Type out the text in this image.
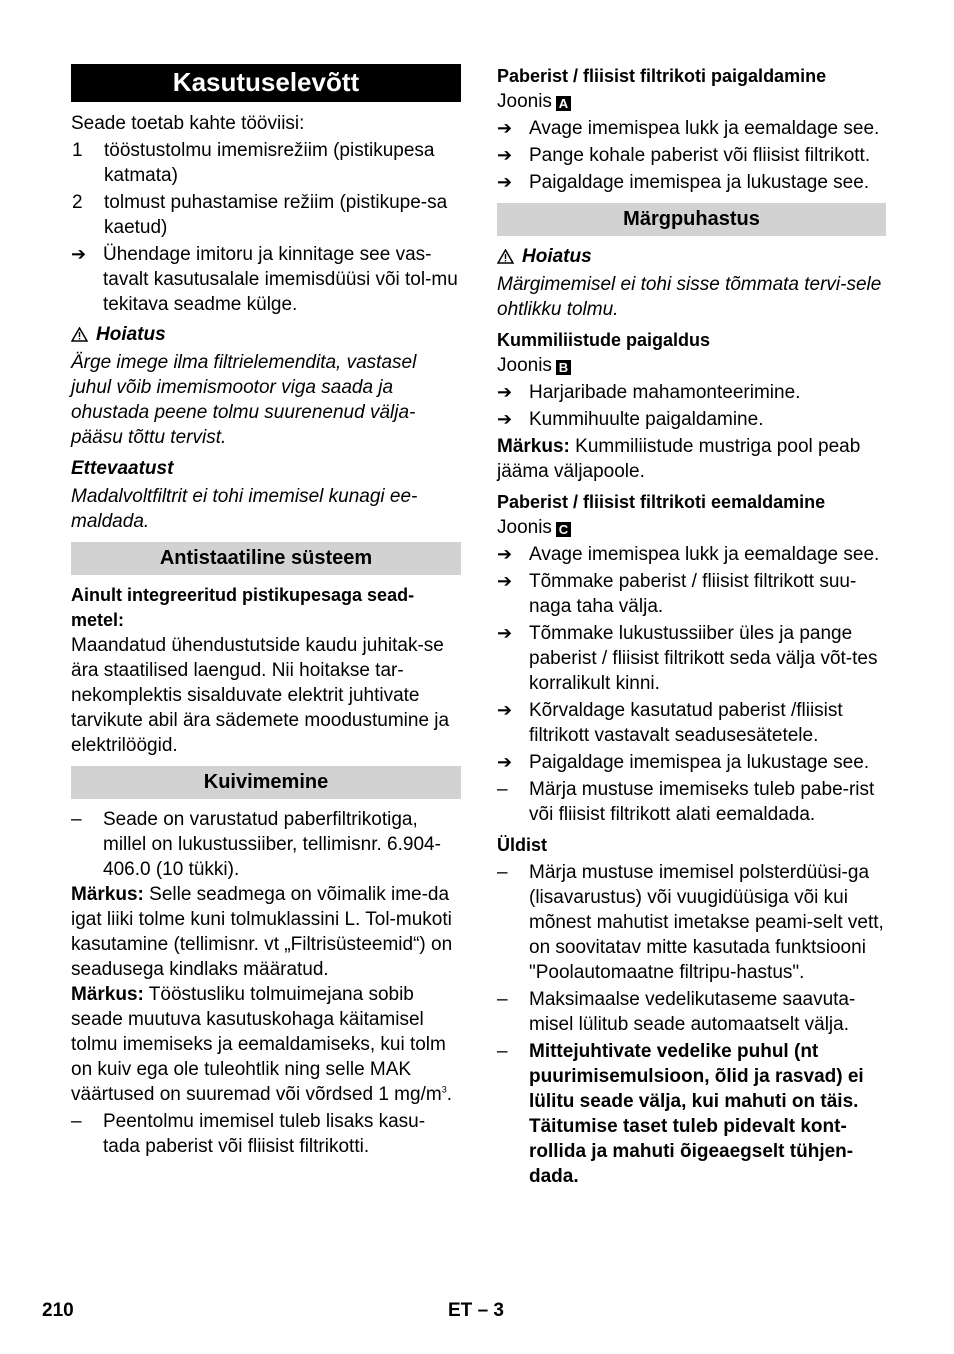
Kasutuselevõtt

Seade toetab kahte tööviisi:

1	tööstustolmu imemisrežiim (pistikupesa katmata)
2	tolmust puhastamise režiim (pistikupe-sa kaetud)
➔ Ühendage imitoru ja kinnitage see vas-tavalt kasutusalale imemisdüüsi või tol-mu tekitava seadme külge.
Hoiatus

Ärge imege ilma filtrielemendita, vastasel juhul võib imemismootor viga saada ja ohustada peene tolmu suurenenud välja-pääsu tõttu tervist.

Ettevaatust

Madalvoltfiltrit ei tohi imemisel kunagi ee-maldada.

Antistaatiline süsteem

Ainult integreeritud pistikupesaga sead-metel:

Maandatud ühendustutside kaudu juhitak-se ära staatilised laengud. Nii hoitakse tar-nekomplektis sisalduvate elektrit juhtivate tarvikute abil ära sädemete moodustumine ja elektrilöögid.

Kuivimemine
–	Seade on varustatud paberfiltrikotiga, millel on lukustussiiber, tellimisnr. 6.904-406.0 (10 tükki).

Märkus: Selle seadmega on võimalik ime-da igat liiki tolme kuni tolmuklassini L. Tol-mukoti kasutamine (tellimisnr. vt „Filtrisüsteemid“) on seadusega kindlaks määratud.

Märkus: Tööstusliku tolmuimejana sobib seade muutuva kasutuskohaga käitamisel tolmu imemiseks ja eemaldamiseks, kui tolm on kuiv ega ole tuleohtlik ning selle MAK väärtused on suuremad või võrdsed 1 $mg/m^3$.

–	Peentolmu imemisel tuleb lisaks kasu-tada paberist või fliisist filtrikotti.

Paberist / fliisist filtrikoti paigaldamine

Joonis A

➔ Avage imemispea lukk ja eemaldage see.
➔ Pange kohale paberist või fliisist filtrikott.
➔ Paigaldage imemispea ja lukustage see.
Märgpuhastus
Hoiatus

Märgimemisel ei tohi sisse tõmmata tervi-sele ohtlikku tolmu.

Kummiliistude paigaldus

Joonis B

➔ Harjaribade mahamonteerimine.
➔ Kummihuulte paigaldamine.

Märkus: Kummiliistude mustriga pool peab jääma väljapoole.

Paberist / fliisist filtrikoti eemaldamine

Joonis C

➔ Avage imemispea lukk ja eemaldage see.
➔ Tõmmake paberist / fliisist filtrikott suu-naga taha välja.
➔ Tõmmake lukustussiiber üles ja pange paberist / fliisist filtrikott seda välja võt-tes korralikult kinni.
➔ Kõrvaldage kasutatud paberist /fliisist filtrikott vastavalt seadusesätetele.
➔ Paigaldage imemispea ja lukustage see.
–	Märja mustuse imemiseks tuleb pabe-rist või fliisist filtrikott alati eemaldada.

Üldist

–	Märja mustuse imemisel polsterdüüsi-ga (lisavarustus) või vuugidüüsiga või kui mõnest mahutist imetakse peami-selt vett, on soovitatav mitte kasutada funktsiooni "Poolautomaatne filtripu-hastus".
–	Maksimaalse vedelikutaseme saavuta-misel lülitub seade automaatselt välja.
–	Mittejuhtivate vedelike puhul (nt puurimisemulsioon, õlid ja rasvad) ei lülitu seade välja, kui mahuti on täis. Täitumise taset tuleb pidevalt kont-rollida ja mahuti õigeaegselt tühjen-dada.
210	ET – 3
